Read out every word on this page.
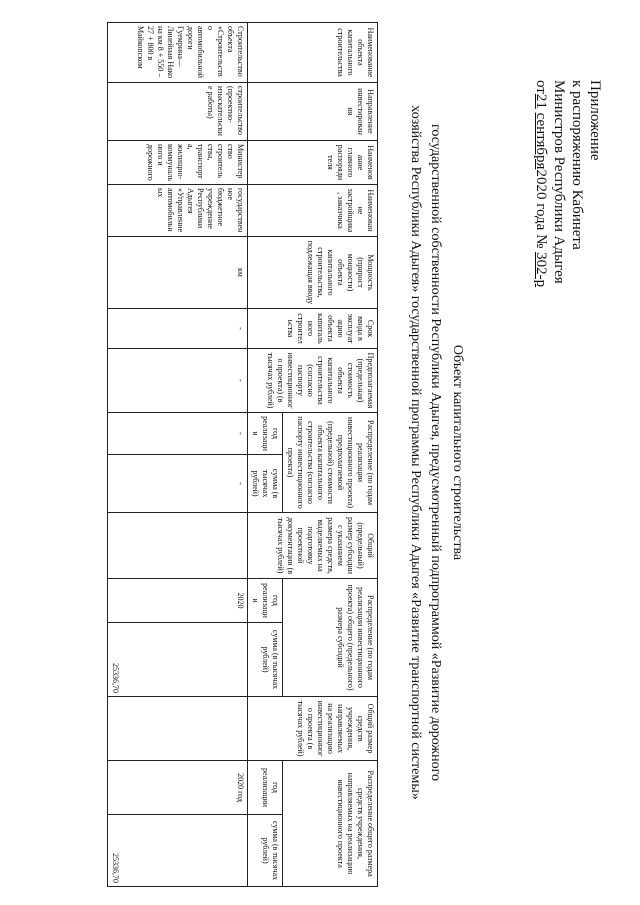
Приложение
к распоряжению Кабинета
Министров Республики Адыгея
от21 сентября2020 года № 302-р
Объект капитального строительства
государственной собственности Республики Адыгея, предусмотренный подпрограммой «Развитие дорожного
хозяйства Республики Адыгея» государственной программы Республики Адыгея «Развитие транспортной системы»
Наименование объекта капитального строительства	Направление инвестирования	Наименование главного распорядителя	Наименование застройщика, заказчика	Мощность (прирост мощности) объекта капитального строительства, подлежащая вводу	Срок ввода в эксплуатацию объекта капитального строительства	Предполагаемая (предельная) стоимость объекта капитального строительства (согласно паспорту инвестиционного проекта) (в тысячах рублей)	Распределение (по годам реализации инвестиционного проекта) предполагаемой (предельной) стоимости объекта капитального строительства (согласно паспорту инвестиционного проекта)		Общий (предельный) размер субсидии с указанием размера средств, выделяемых на подготовку проектной документации (в тысячах рублей)	Распределение (по годам реализации инвестиционного проекта) общего (предельного) размера субсидий		Общий размер средств учреждения, направляемых на реализацию инвестиционного проекта (в тысячах рублей)	Распределение общего размера средств учреждения, направляемых на реализацию инвестиционного проекта	
							год реализации	сумма (в тысячах рублей)		год реализации	сумма (в тысячах рублей)		год реализации	сумма (в тысячах рублей)
Строительство объекта «Строительство автомобильной дороги Гуемрина—Линейная Нако на км 8 + 550 – 27 + 800 в Майкопском	строительство (проектно-изыскательские работы)	Министерство строительства, транспорта, жилищно-коммунального и дорожного	государственное бюджетное учреждение Республики Адыгея «Управление автомобильных	км	-	-	-	-		2020	25336,70		2020 год	25336,70
